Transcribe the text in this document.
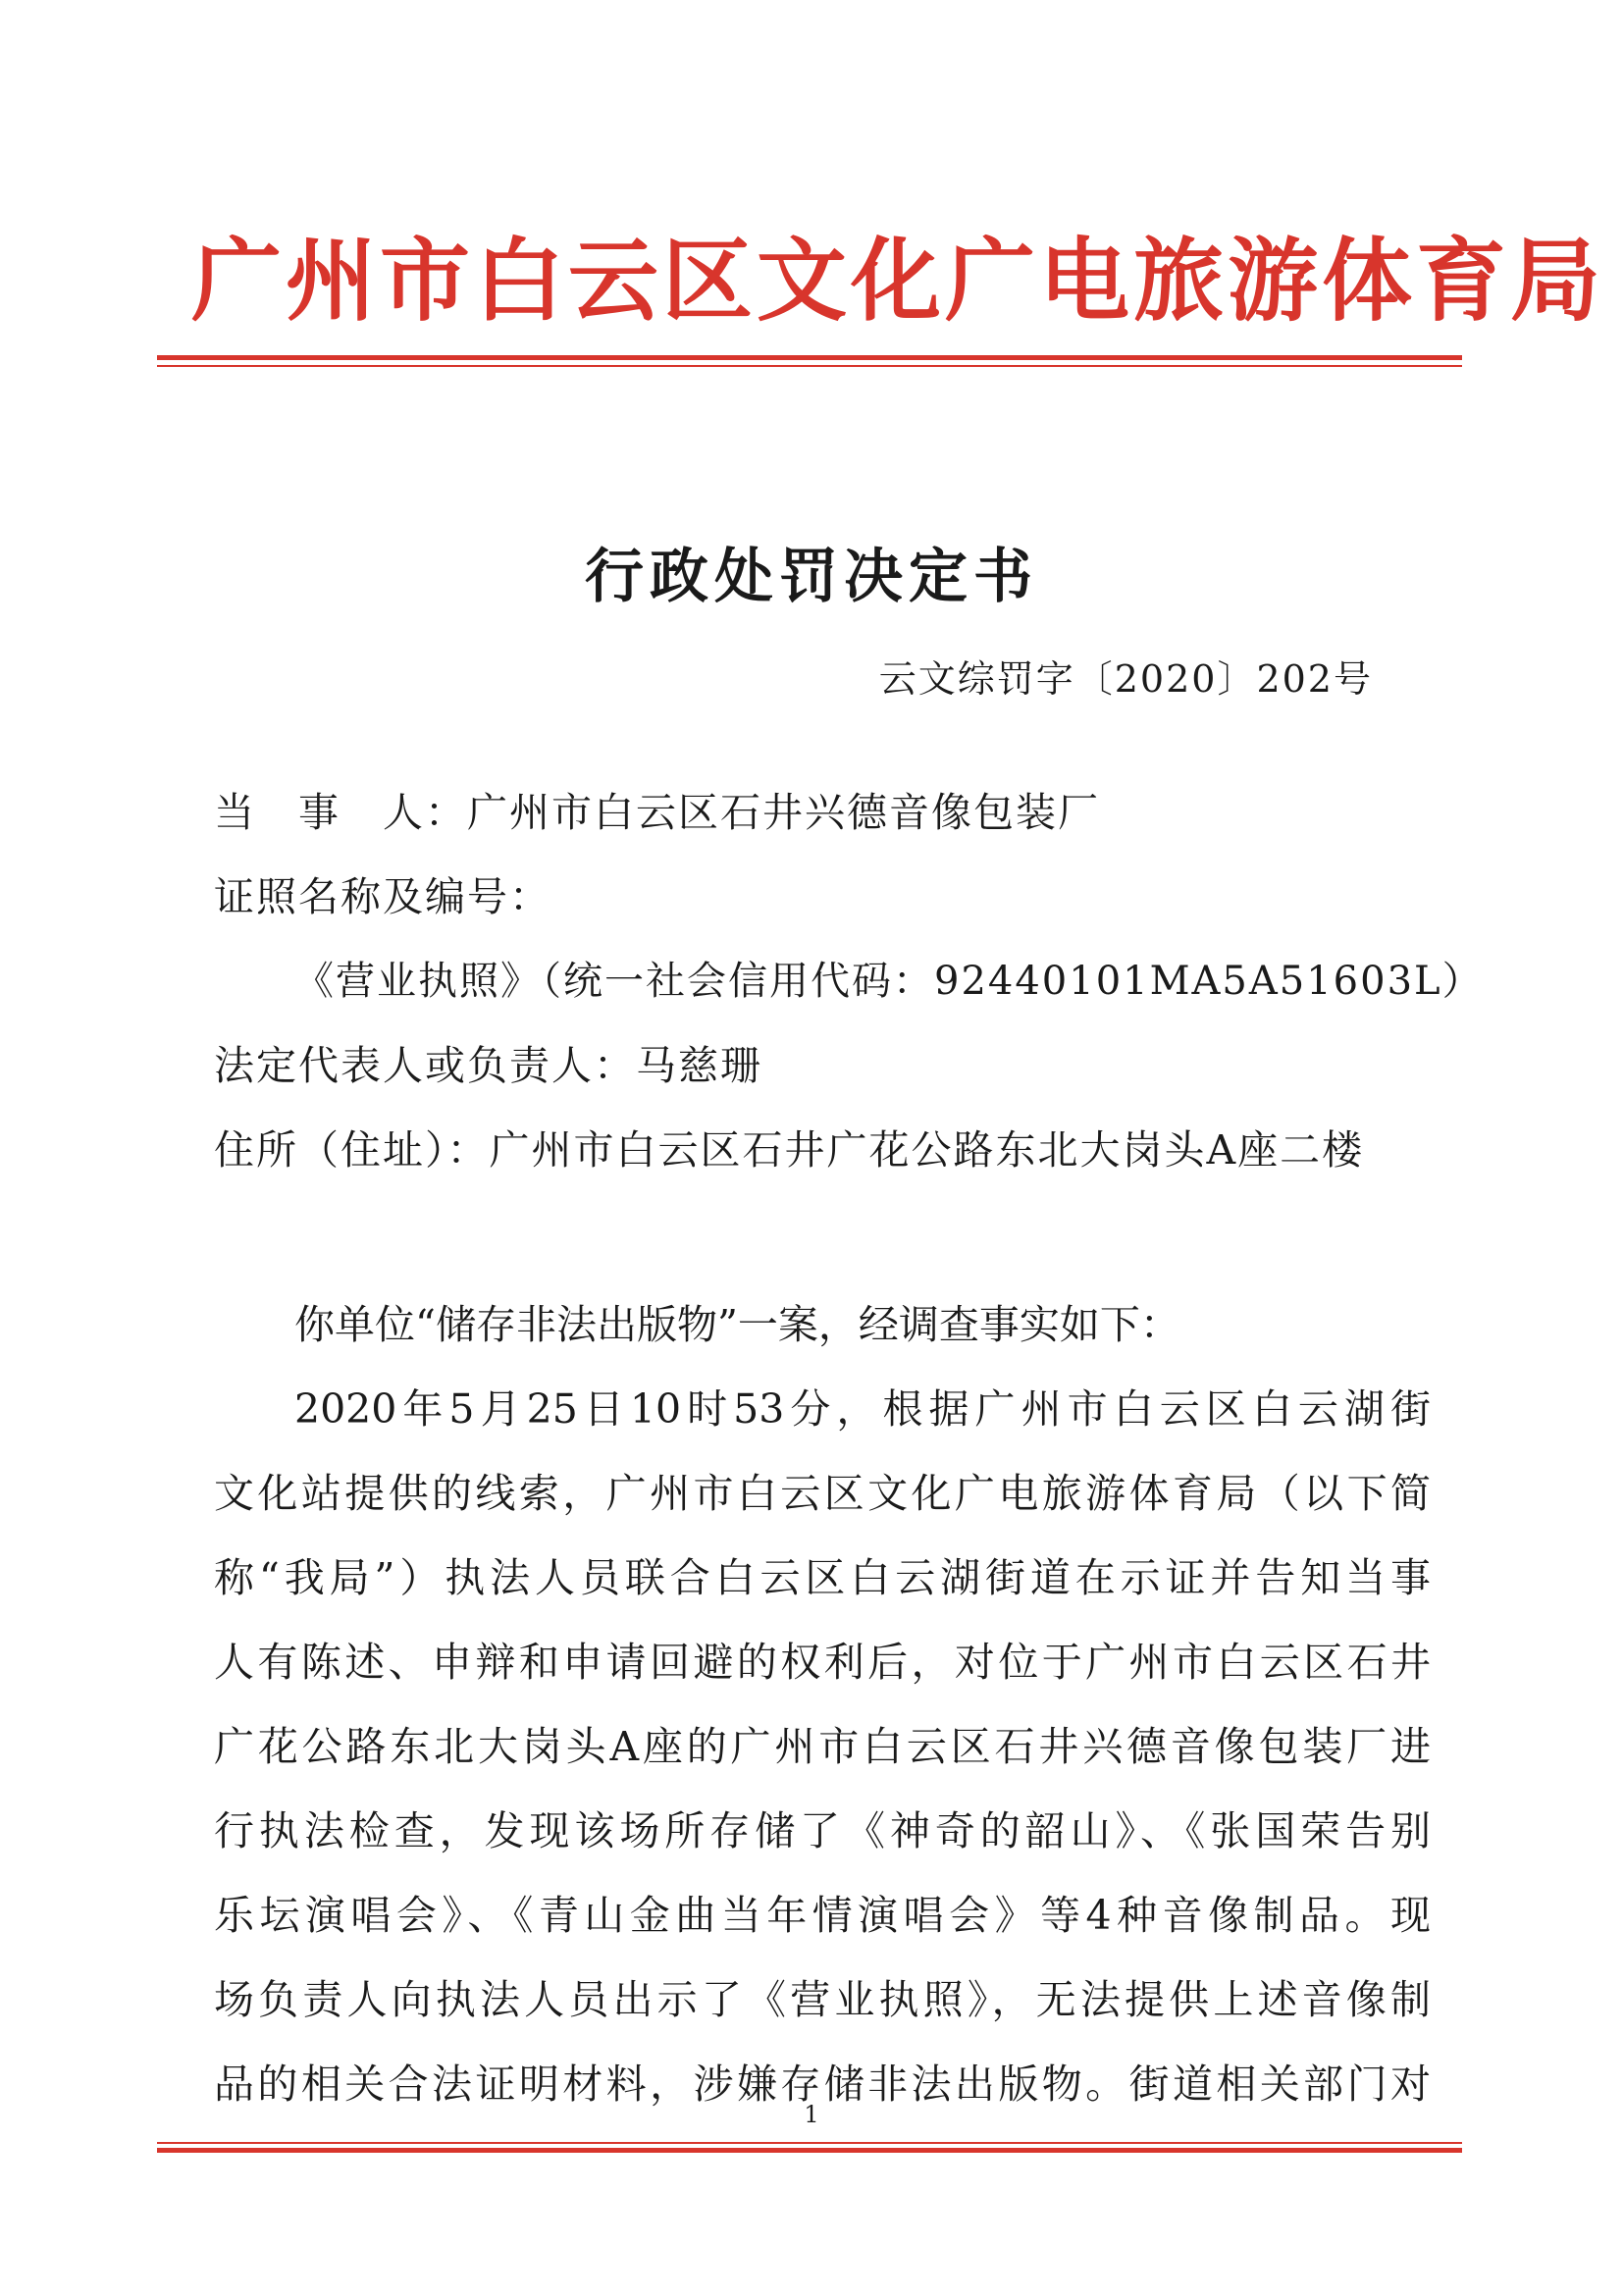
广州市白云区文化广电旅游体育局
行政处罚决定书
云文综罚字〔2020〕202号
当　事　人：广州市白云区石井兴德音像包装厂
证照名称及编号：
《营业执照》（统一社会信用代码：92440101MA5A51603L）
法定代表人或负责人：马慈珊
住所（住址）：广州市白云区石井广花公路东北大岗头A座二楼
你单位“储存非法出版物”一案，经调查事实如下：
2020年5月25日10时53分，根据广州市白云区白云湖街
文化站提供的线索，广州市白云区文化广电旅游体育局（以下简
称“我局”）执法人员联合白云区白云湖街道在示证并告知当事
人有陈述、申辩和申请回避的权利后，对位于广州市白云区石井
广花公路东北大岗头A座的广州市白云区石井兴德音像包装厂进
行执法检查，发现该场所存储了《神奇的韶山》、《张国荣告别
乐坛演唱会》、《青山金曲当年情演唱会》等4种音像制品。现
场负责人向执法人员出示了《营业执照》，无法提供上述音像制
品的相关合法证明材料，涉嫌存储非法出版物。街道相关部门对
1
